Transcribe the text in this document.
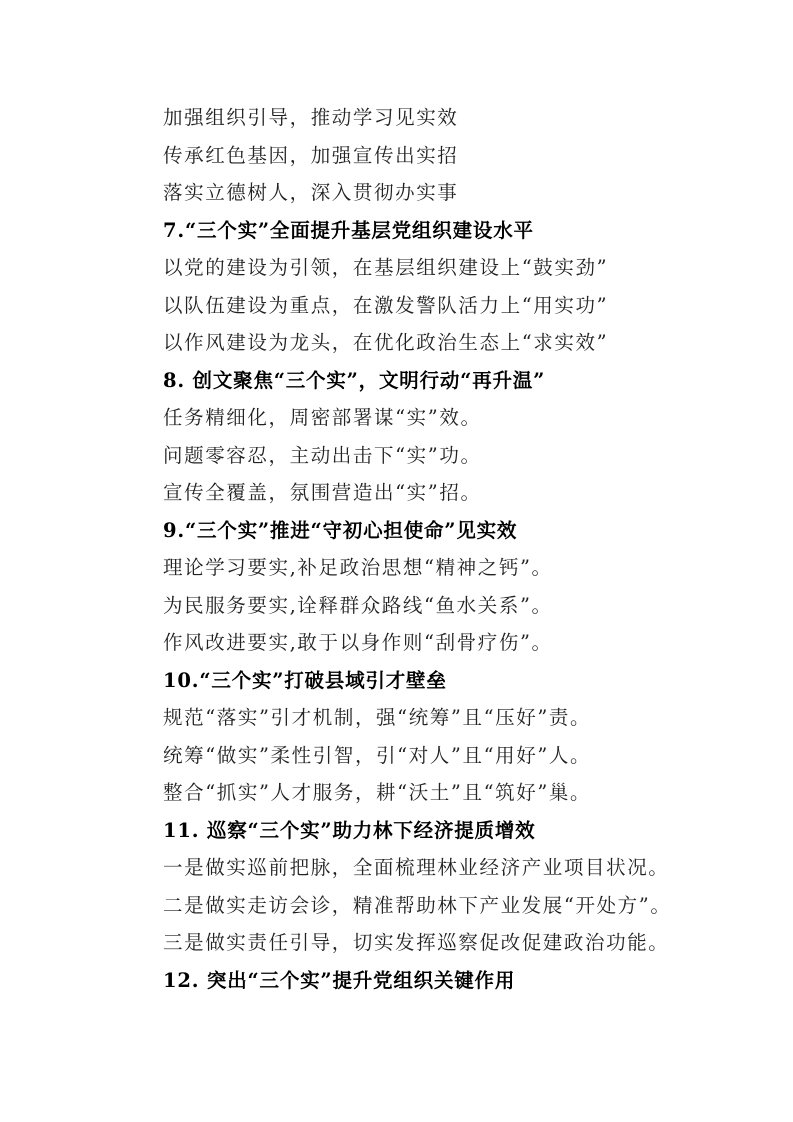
加强组织引导，推动学习见实效

传承红色基因，加强宣传出实招

落实立德树人，深入贯彻办实事

7.“三个实”全面提升基层党组织建设水平

以党的建设为引领，在基层组织建设上“鼓实劲”

以队伍建设为重点，在激发警队活力上“用实功”

以作风建设为龙头，在优化政治生态上“求实效”

8. 创文聚焦“三个实”，文明行动“再升温”

任务精细化，周密部署谋“实”效。

问题零容忍，主动出击下“实”功。

宣传全覆盖，氛围营造出“实”招。

9.“三个实”推进“守初心担使命”见实效

理论学习要实,补足政治思想“精神之钙”。

为民服务要实,诠释群众路线“鱼水关系”。

作风改进要实,敢于以身作则“刮骨疗伤”。

10.“三个实”打破县域引才壁垒

规范“落实”引才机制，强“统筹”且“压好”责。

统筹“做实”柔性引智，引“对人”且“用好”人。

整合“抓实”人才服务，耕“沃土”且“筑好”巢。

11. 巡察“三个实”助力林下经济提质增效

一是做实巡前把脉，全面梳理林业经济产业项目状况。

二是做实走访会诊，精准帮助林下产业发展“开处方”。

三是做实责任引导，切实发挥巡察促改促建政治功能。

12. 突出“三个实”提升党组织关键作用
